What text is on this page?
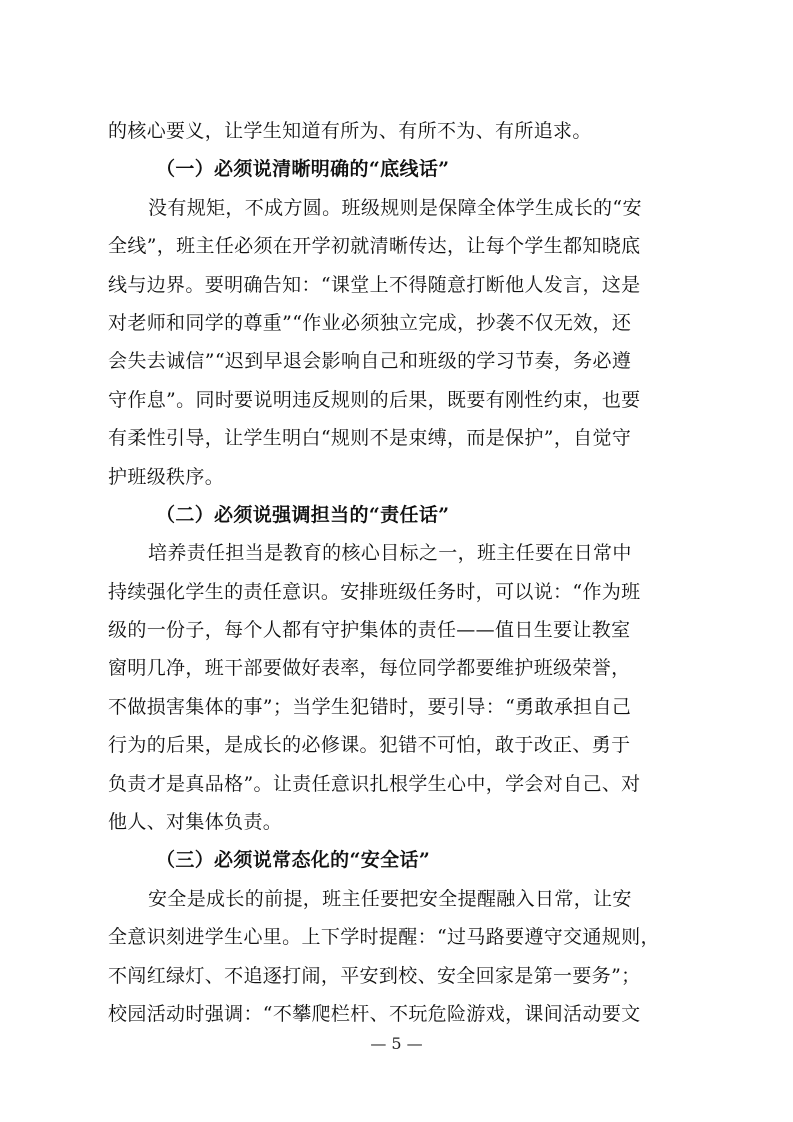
的核心要义，让学生知道有所为、有所不为、有所追求。
（一）必须说清晰明确的“底线话”
没有规矩，不成方圆。班级规则是保障全体学生成长的“安
全线”，班主任必须在开学初就清晰传达，让每个学生都知晓底
线与边界。要明确告知：“课堂上不得随意打断他人发言，这是
对老师和同学的尊重”“作业必须独立完成，抄袭不仅无效，还
会失去诚信”“迟到早退会影响自己和班级的学习节奏，务必遵
守作息”。同时要说明违反规则的后果，既要有刚性约束，也要
有柔性引导，让学生明白“规则不是束缚，而是保护”，自觉守
护班级秩序。
（二）必须说强调担当的“责任话”
培养责任担当是教育的核心目标之一，班主任要在日常中
持续强化学生的责任意识。安排班级任务时，可以说：“作为班
级的一份子，每个人都有守护集体的责任——值日生要让教室
窗明几净，班干部要做好表率，每位同学都要维护班级荣誉，
不做损害集体的事”；当学生犯错时，要引导：“勇敢承担自己
行为的后果，是成长的必修课。犯错不可怕，敢于改正、勇于
负责才是真品格”。让责任意识扎根学生心中，学会对自己、对
他人、对集体负责。
（三）必须说常态化的“安全话”
安全是成长的前提，班主任要把安全提醒融入日常，让安
全意识刻进学生心里。上下学时提醒：“过马路要遵守交通规则，
不闯红绿灯、不追逐打闹，平安到校、安全回家是第一要务”；
校园活动时强调：“不攀爬栏杆、不玩危险游戏，课间活动要文
— 5 —
